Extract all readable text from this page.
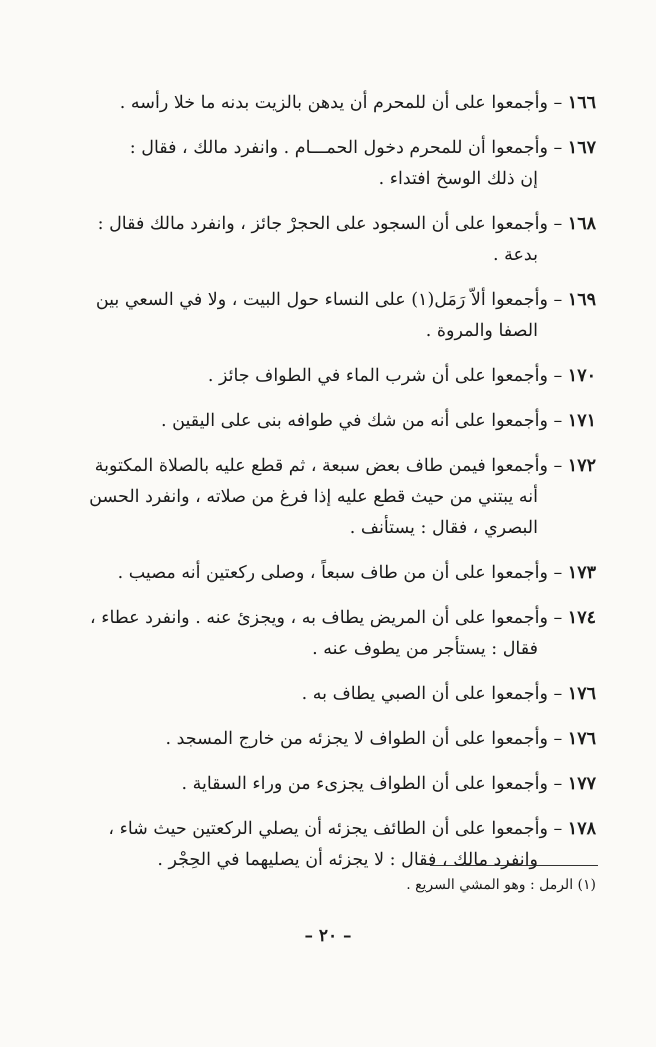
١٦٦ – وأجمعوا على أن للمحرم أن يدهن بالزيت بدنه ما خلا رأسه .
١٦٧ – وأجمعوا أن للمحرم دخول الحمـــام . وانفرد مالك ، فقال :
إن ذلك الوسخ افتداء .
١٦٨ – وأجمعوا على أن السجود على الحجرْ جائز ، وانفرد مالك فقال :
بدعة .
١٦٩ – وأجمعوا ألاّ رَمَل(١) على النساء حول البيت ، ولا في السعي بين
الصفا والمروة .
١٧٠ – وأجمعوا على أن شرب الماء في الطواف جائز .
١٧١ – وأجمعوا على أنه من شك في طوافه بنى على اليقين .
١٧٢ – وأجمعوا فيمن طاف بعض سبعة ، ثم قطع عليه بالصلاة المكتوبة
أنه يبتني من حيث قطع عليه إذا فرغ من صلاته ، وانفرد الحسن
البصري ، فقال : يستأنف .
١٧٣ – وأجمعوا على أن من طاف سبعاً ، وصلى ركعتين أنه مصيب .
١٧٤ – وأجمعوا على أن المريض يطاف به ، ويجزئ عنه . وانفرد عطاء ،
فقال : يستأجر من يطوف عنه .
١٧٦ – وأجمعوا على أن الصبي يطاف به .
١٧٦ – وأجمعوا على أن الطواف لا يجزئه من خارج المسجد .
١٧٧ – وأجمعوا على أن الطواف يجزىء من وراء السقاية .
١٧٨ – وأجمعوا على أن الطائف يجزئه أن يصلي الركعتين حيث شاء ،
وانفرد مالك ، فقال : لا يجزئه أن يصليهما في الحِجْر .
(١) الرمل : وهو المشي السريع .
– ٢٠ –
